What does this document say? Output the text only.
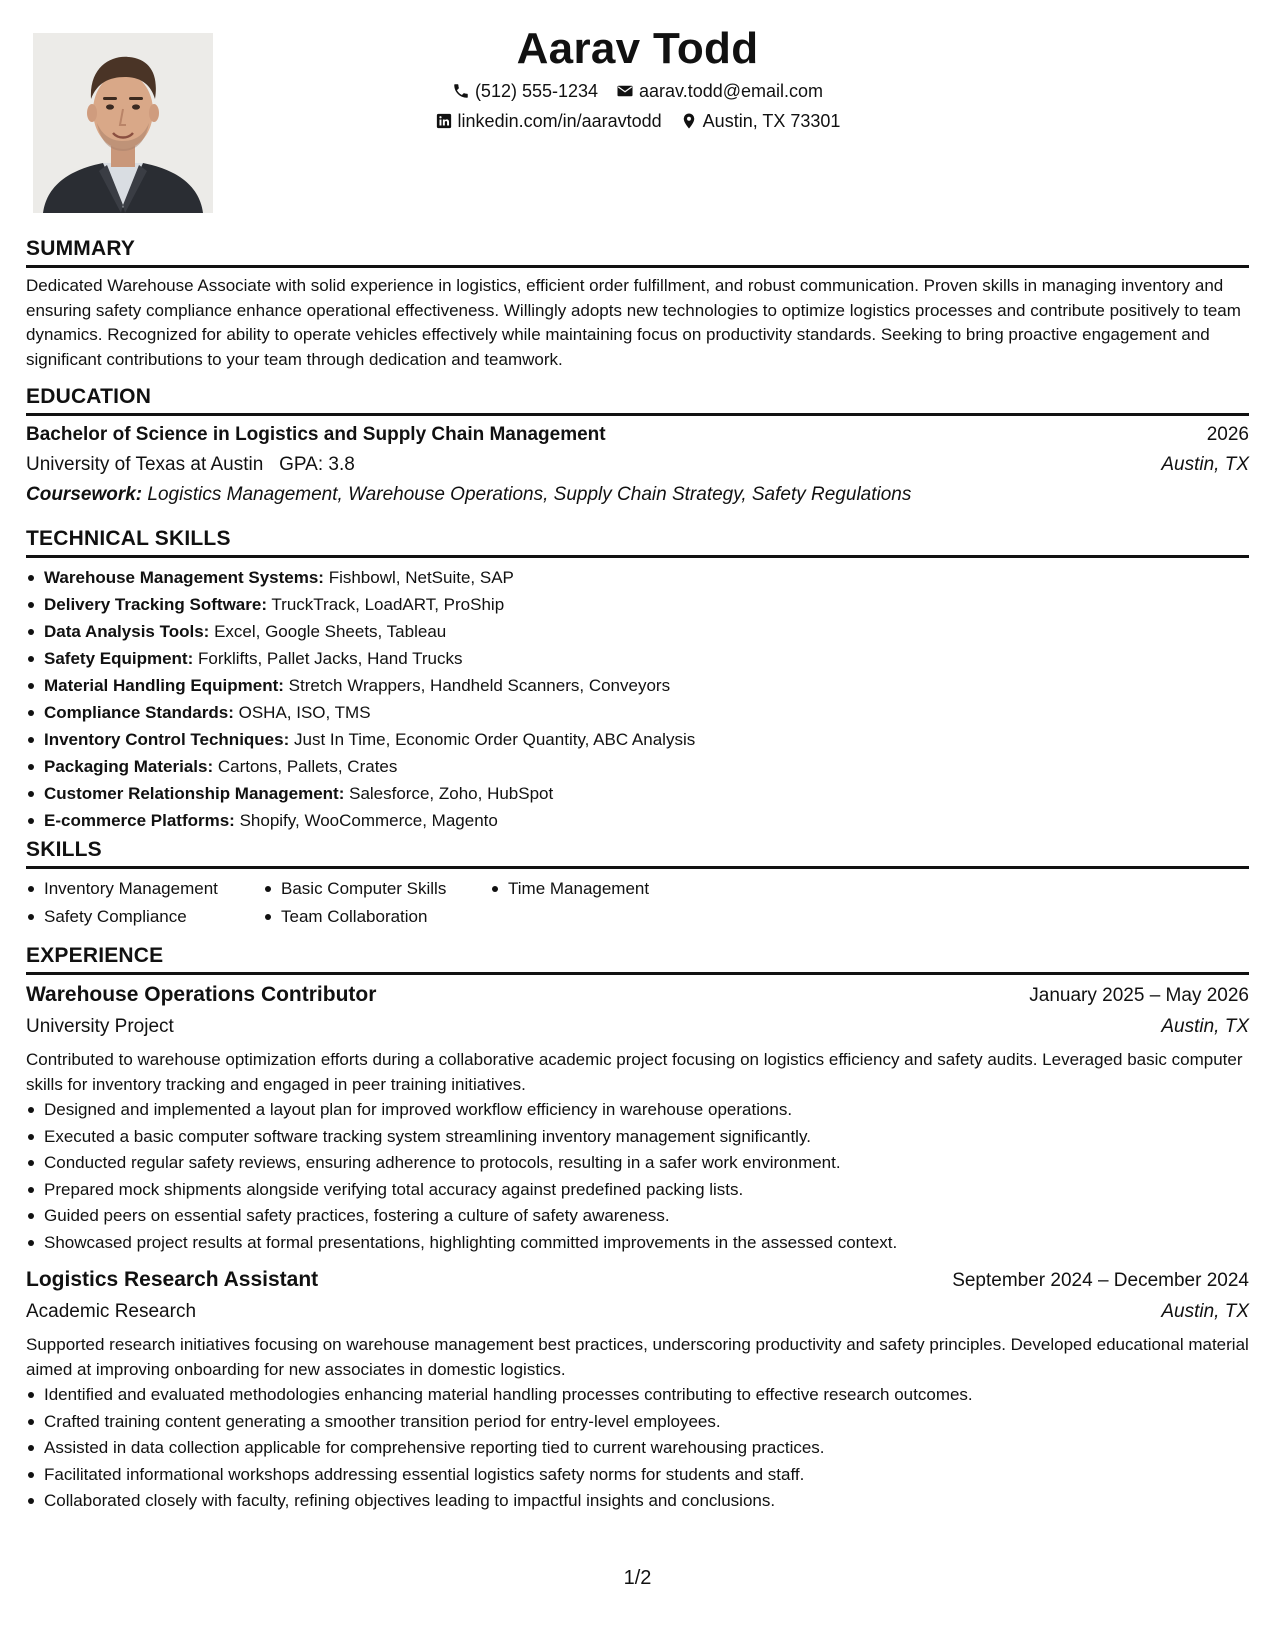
Aarav Todd
(512) 555-1234 aarav.todd@email.com
linkedin.com/in/aaravtodd Austin, TX 73301
SUMMARY

Dedicated Warehouse Associate with solid experience in logistics, efficient order fulfillment, and robust communication. Proven skills in managing inventory and ensuring safety compliance enhance operational effectiveness. Willingly adopts new technologies to optimize logistics processes and contribute positively to team dynamics. Recognized for ability to operate vehicles effectively while maintaining focus on productivity standards. Seeking to bring proactive engagement and significant contributions to your team through dedication and teamwork.

EDUCATION
Bachelor of Science in Logistics and Supply Chain Management	2026
University of Texas at Austin GPA: 3.8	Austin, TX
Coursework: Logistics Management, Warehouse Operations, Supply Chain Strategy, Safety Regulations
TECHNICAL SKILLS
Warehouse Management Systems: Fishbowl, NetSuite, SAP
Delivery Tracking Software: TruckTrack, LoadART, ProShip
Data Analysis Tools: Excel, Google Sheets, Tableau
Safety Equipment: Forklifts, Pallet Jacks, Hand Trucks
Material Handling Equipment: Stretch Wrappers, Handheld Scanners, Conveyors
Compliance Standards: OSHA, ISO, TMS
Inventory Control Techniques: Just In Time, Economic Order Quantity, ABC Analysis
Packaging Materials: Cartons, Pallets, Crates
Customer Relationship Management: Salesforce, Zoho, HubSpot
E-commerce Platforms: Shopify, WooCommerce, Magento
SKILLS
Inventory Management	Basic Computer Skills	Time Management
Safety Compliance	Team Collaboration
EXPERIENCE
Warehouse Operations Contributor	January 2025 – May 2026
University Project	Austin, TX

Contributed to warehouse optimization efforts during a collaborative academic project focusing on logistics efficiency and safety audits. Leveraged basic computer skills for inventory tracking and engaged in peer training initiatives.

Designed and implemented a layout plan for improved workflow efficiency in warehouse operations.
Executed a basic computer software tracking system streamlining inventory management significantly.
Conducted regular safety reviews, ensuring adherence to protocols, resulting in a safer work environment.
Prepared mock shipments alongside verifying total accuracy against predefined packing lists.
Guided peers on essential safety practices, fostering a culture of safety awareness.
Showcased project results at formal presentations, highlighting committed improvements in the assessed context.
Logistics Research Assistant	September 2024 – December 2024
Academic Research	Austin, TX

Supported research initiatives focusing on warehouse management best practices, underscoring productivity and safety principles. Developed educational material aimed at improving onboarding for new associates in domestic logistics.

Identified and evaluated methodologies enhancing material handling processes contributing to effective research outcomes.
Crafted training content generating a smoother transition period for entry-level employees.
Assisted in data collection applicable for comprehensive reporting tied to current warehousing practices.
Facilitated informational workshops addressing essential logistics safety norms for students and staff.
Collaborated closely with faculty, refining objectives leading to impactful insights and conclusions.
1/2
